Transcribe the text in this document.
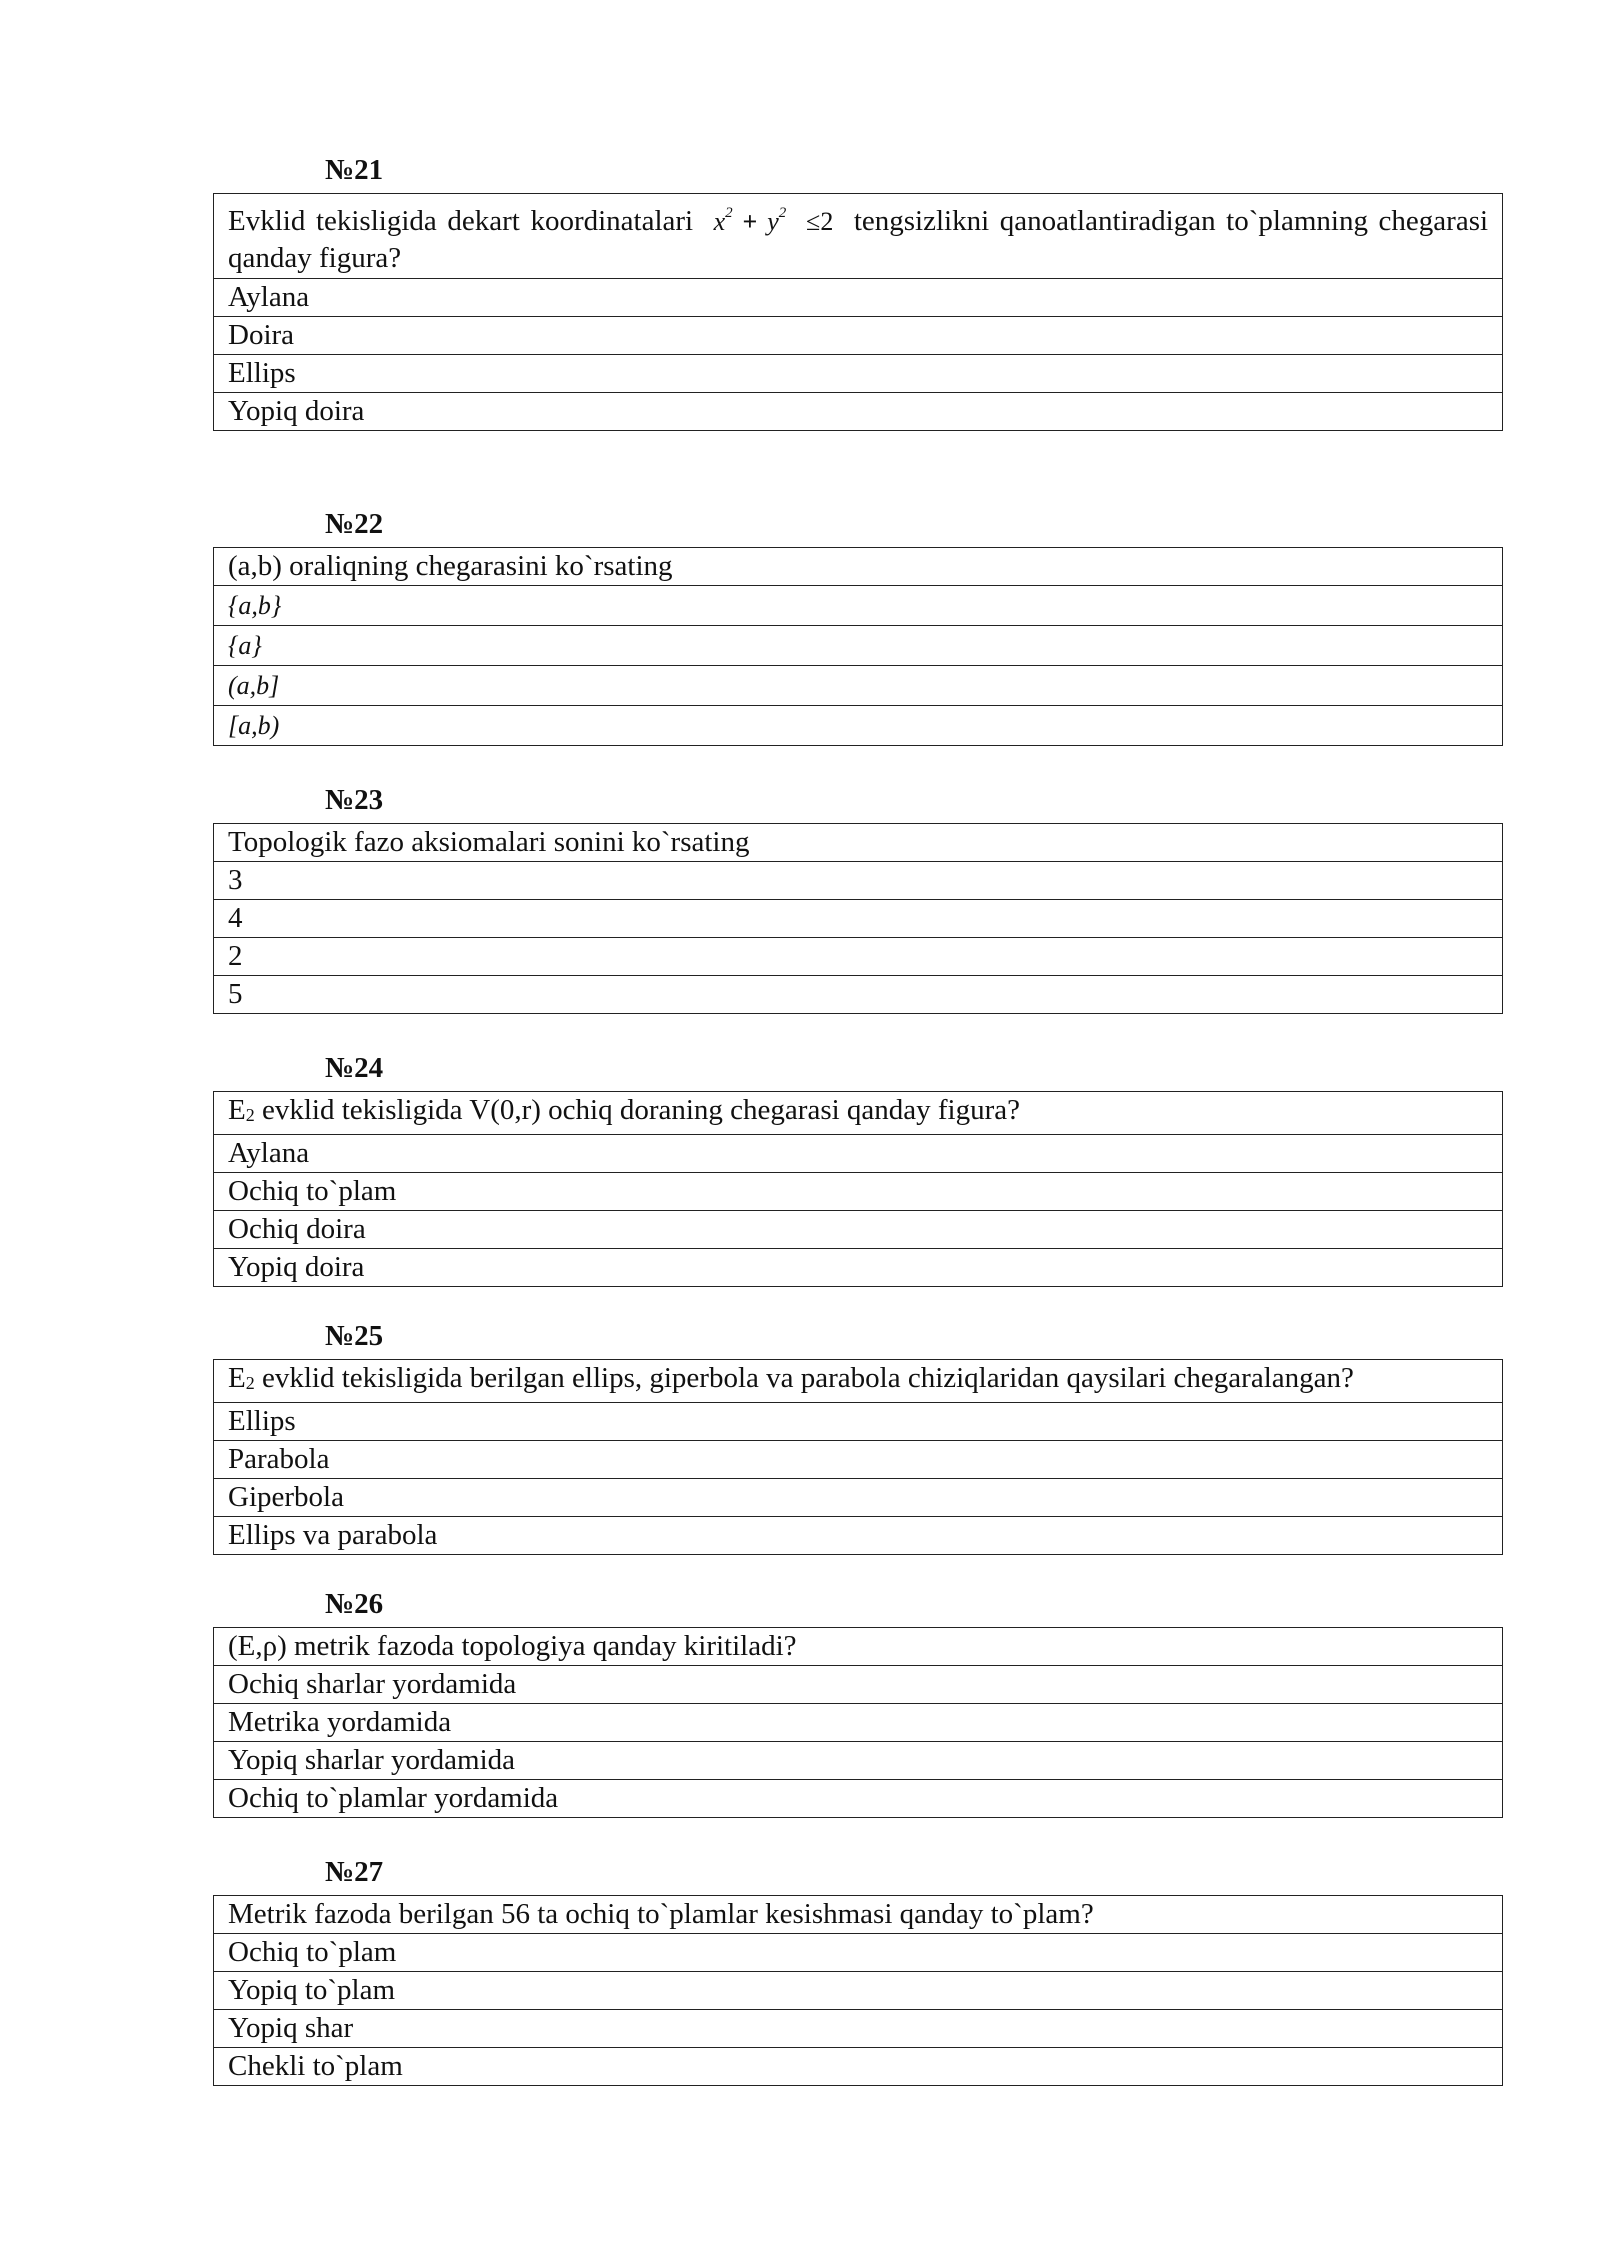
№21
Evklid tekisligida dekart koordinatalari  $x^2 + y^2 \le 2$ tengsizlikni qanoatlantiradigan to`plamning chegarasi qanday figura?
Aylana
Doira
Ellips
Yopiq doira
№22
(a,b) oraliqning chegarasini ko`rsating
{a,b}
{a}
(a,b]
[a,b)
№23
Topologik fazo aksiomalari sonini ko`rsating
3
4
2
5
№24
$E_2$ evklid tekisligida V(0,r) ochiq doraning chegarasi qanday figura?
Aylana
Ochiq to`plam
Ochiq doira
Yopiq doira
№25
$E_2$ evklid tekisligida berilgan ellips, giperbola va parabola chiziqlaridan qaysilari chegaralangan?
Ellips
Parabola
Giperbola
Ellips va parabola
№26
(E,ρ) metrik fazoda topologiya qanday kiritiladi?
Ochiq sharlar yordamida
Metrika yordamida
Yopiq sharlar yordamida
Ochiq to`plamlar yordamida
№27
Metrik fazoda berilgan 56 ta ochiq to`plamlar kesishmasi qanday to`plam?
Ochiq to`plam
Yopiq to`plam
Yopiq shar
Chekli to`plam
